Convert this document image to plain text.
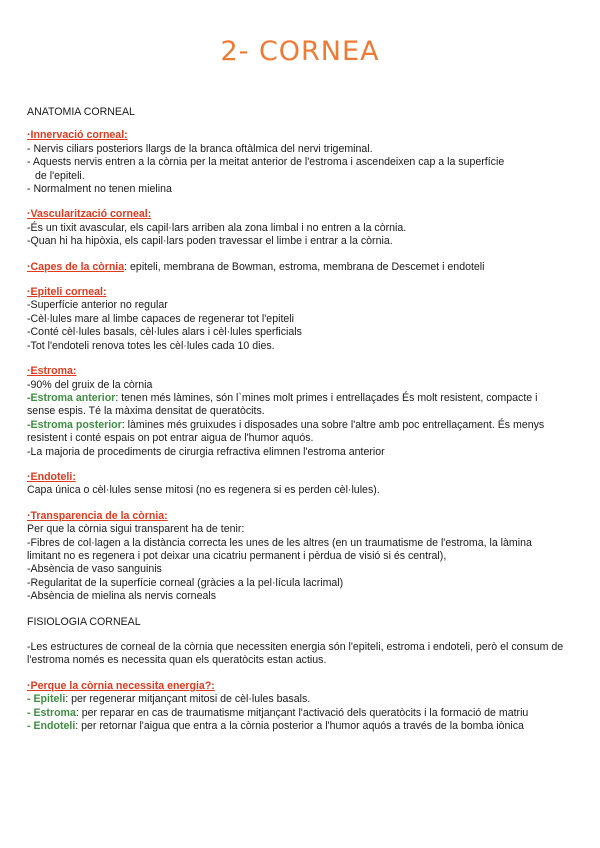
2- CORNEA

ANATOMIA CORNEAL

·Innervació corneal:

- Nervis ciliars posteriors llargs de la branca oftàlmica del nervi trigeminal.

- Aquests nervis entren a la còrnia per la meitat anterior de l'estroma i ascendeixen cap a la superfície

de l'epiteli.

- Normalment no tenen mielina

·Vascularització corneal:

-És un tixit avascular, els capil·lars arriben ala zona limbal i no entren a la còrnia.

-Quan hi ha hipòxia, els capil·lars poden travessar el limbe i entrar a la còrnia.

·Capes de la còrnia: epiteli, membrana de Bowman, estroma, membrana de Descemet i endoteli

·Epiteli corneal:

-Superfície anterior no regular

-Cèl·lules mare al limbe capaces de regenerar tot l'epiteli

-Conté cèl·lules basals, cèl·lules alars i cèl·lules sperficials

-Tot l'endoteli renova totes les cèl·lules cada 10 dies.

·Estroma:

-90% del gruix de la còrnia

-Estroma anterior: tenen més làmines, són l`mines molt primes i entrellaçades És molt resistent, compacte i sense espis. Té la màxima densitat de queratòcits.

-Estroma posterior: làmines més gruixudes i disposades una sobre l'altre amb poc entrellaçament. És menys resistent i conté espais on pot entrar aigua de l'humor aquós.

-La majoria de procediments de cirurgia refractiva elimnen l'estroma anterior

·Endoteli:

Capa única o cèl·lules sense mitosi (no es regenera si es perden cèl·lules).

·Transparencia de la còrnia:

Per que la còrnia sigui transparent ha de tenir:

-Fibres de col·lagen a la distància correcta les unes de les altres (en un traumatisme de l'estroma, la làmina limitant no es regenera i pot deixar una cicatriu permanent i pèrdua de visió si és central),

-Absència de vaso sanguinis

-Regularitat de la superfície corneal (gràcies a la pel·lícula lacrimal)

-Absència de mielina als nervis corneals

FISIOLOGIA CORNEAL

-Les estructures de corneal de la còrnia que necessiten energia són l'epiteli, estroma i endoteli, però el consum de l'estroma només es necessita quan els queratòcits estan actius.

·Perque la còrnia necessita energia?:

- Epiteli: per regenerar mitjançant mitosi de cèl·lules basals.

- Estroma: per reparar en cas de traumatisme mitjançant l'activació dels queratòcits i la formació de matriu

- Endoteli: per retornar l'aigua que entra a la còrnia posterior a l'humor aquós a través de la bomba iònica
